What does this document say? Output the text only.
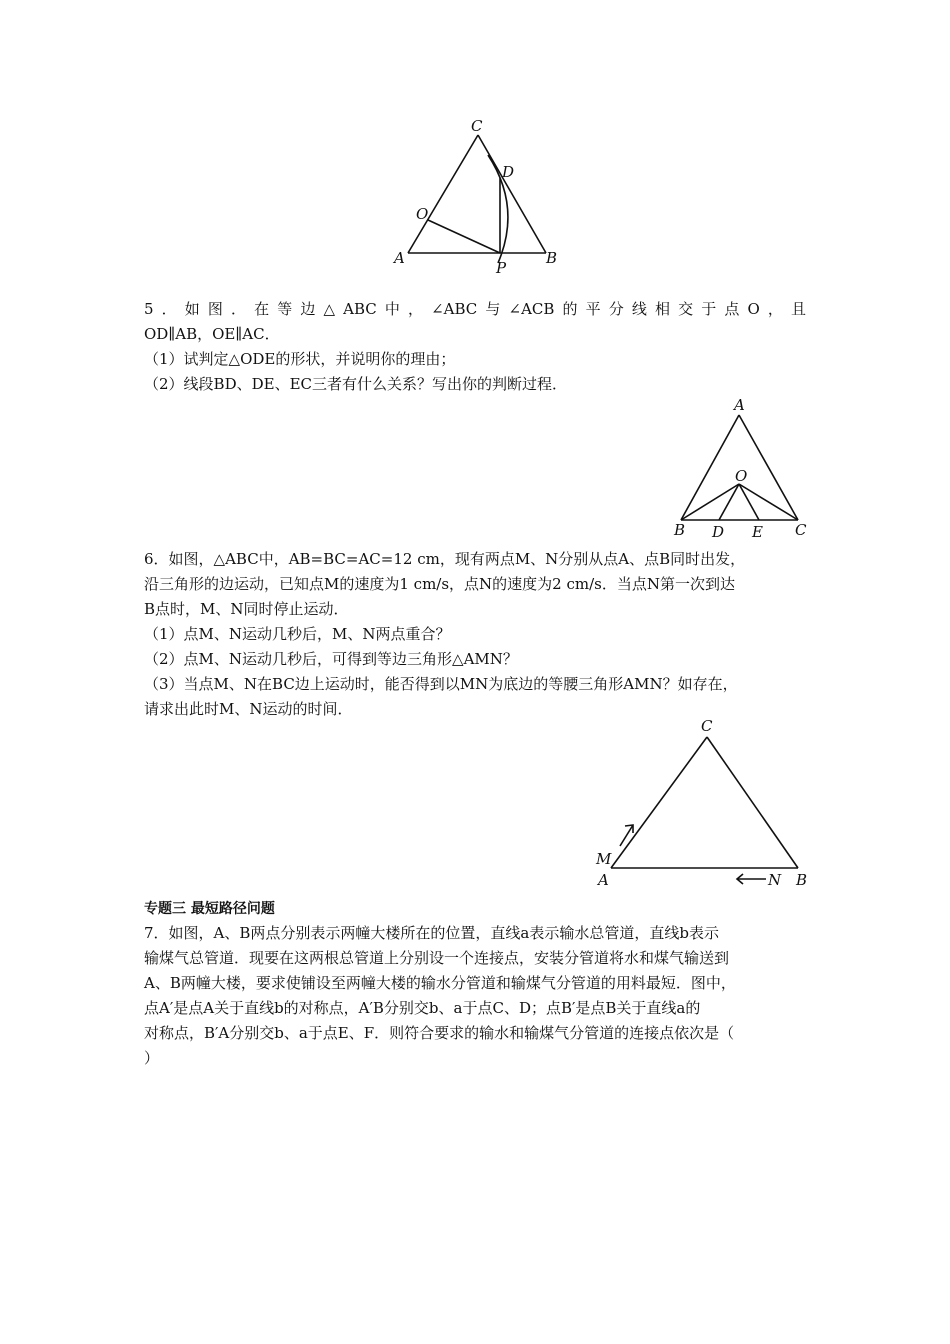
C
D
O
A
P
B
5．如图．在等边△ABC中，∠ABC与∠ACB的平分线相交于点O，且
OD∥AB，OE∥AC．
（1）试判定△ODE的形状，并说明你的理由；
（2）线段BD、DE、EC三者有什么关系？写出你的判断过程．
A
O
B D E C
6．如图，△ABC中，AB=BC=AC=12 cm，现有两点M、N分别从点A、点B同时出发，
沿三角形的边运动，已知点M的速度为1 cm/s，点N的速度为2 cm/s．当点N第一次到达
B点时，M、N同时停止运动．
（1）点M、N运动几秒后，M、N两点重合？
（2）点M、N运动几秒后，可得到等边三角形△AMN？
（3）当点M、N在BC边上运动时，能否得到以MN为底边的等腰三角形AMN？如存在，
请求出此时M、N运动的时间．
C
M
A	N B
专题三 最短路径问题
7．如图，A、B两点分别表示两幢大楼所在的位置，直线a表示输水总管道，直线b表示
输煤气总管道．现要在这两根总管道上分别设一个连接点，安装分管道将水和煤气输送到
A、B两幢大楼，要求使铺设至两幢大楼的输水分管道和输煤气分管道的用料最短．图中，
点A′是点A关于直线b的对称点，A′B分别交b、a于点C、D；点B′是点B关于直线a的
对称点，B′A分别交b、a于点E、F．则符合要求的输水和输煤气分管道的连接点依次是（
）
